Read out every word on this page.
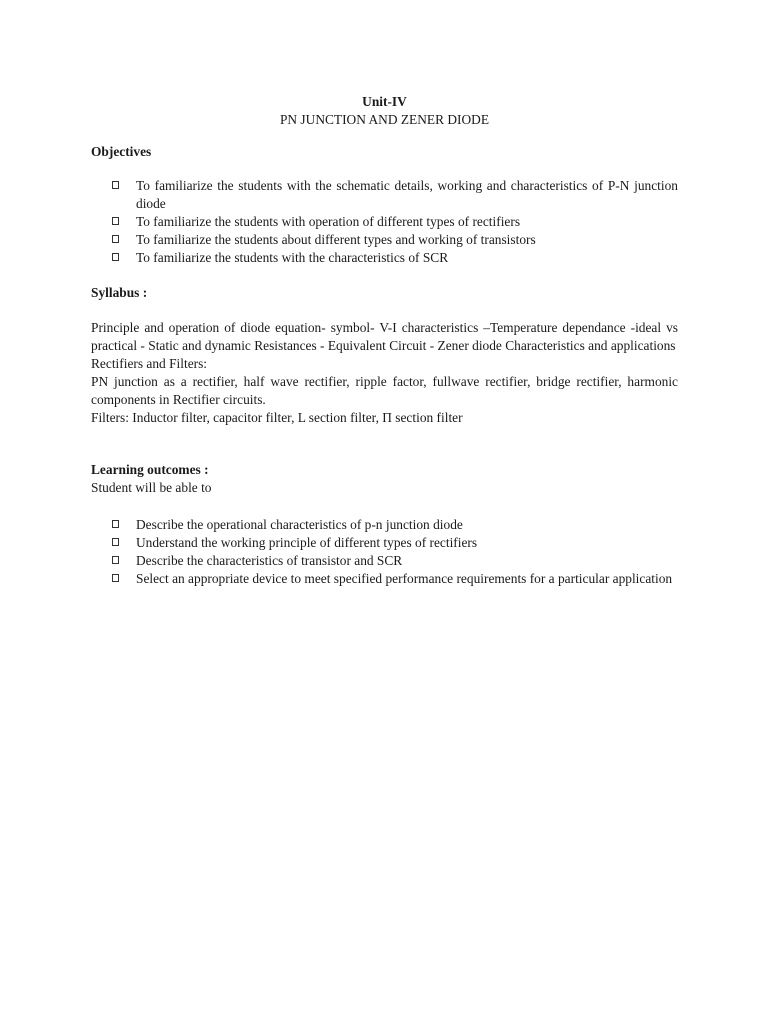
Unit-IV

PN JUNCTION AND ZENER DIODE

Objectives

To familiarize the students with the schematic details, working and characteristics of P-N junction diode
To familiarize the students with operation of different types of rectifiers
To familiarize the students about different types and working of transistors
To familiarize the students with the characteristics of SCR

Syllabus :

Principle and operation of diode equation- symbol- V-I characteristics –Temperature dependance -ideal vs practical - Static and dynamic Resistances - Equivalent Circuit - Zener diode Characteristics and applications

Rectifiers and Filters:

PN junction as a rectifier, half wave rectifier, ripple factor, fullwave rectifier, bridge rectifier, harmonic components in Rectifier circuits.

Filters: Inductor filter, capacitor filter, L section filter, Π section filter

Learning outcomes :

Student will be able to

Describe the operational characteristics of p-n junction diode
Understand the working principle of different types of rectifiers
Describe the characteristics of transistor and SCR
Select an appropriate device to meet specified performance requirements for a particular application
